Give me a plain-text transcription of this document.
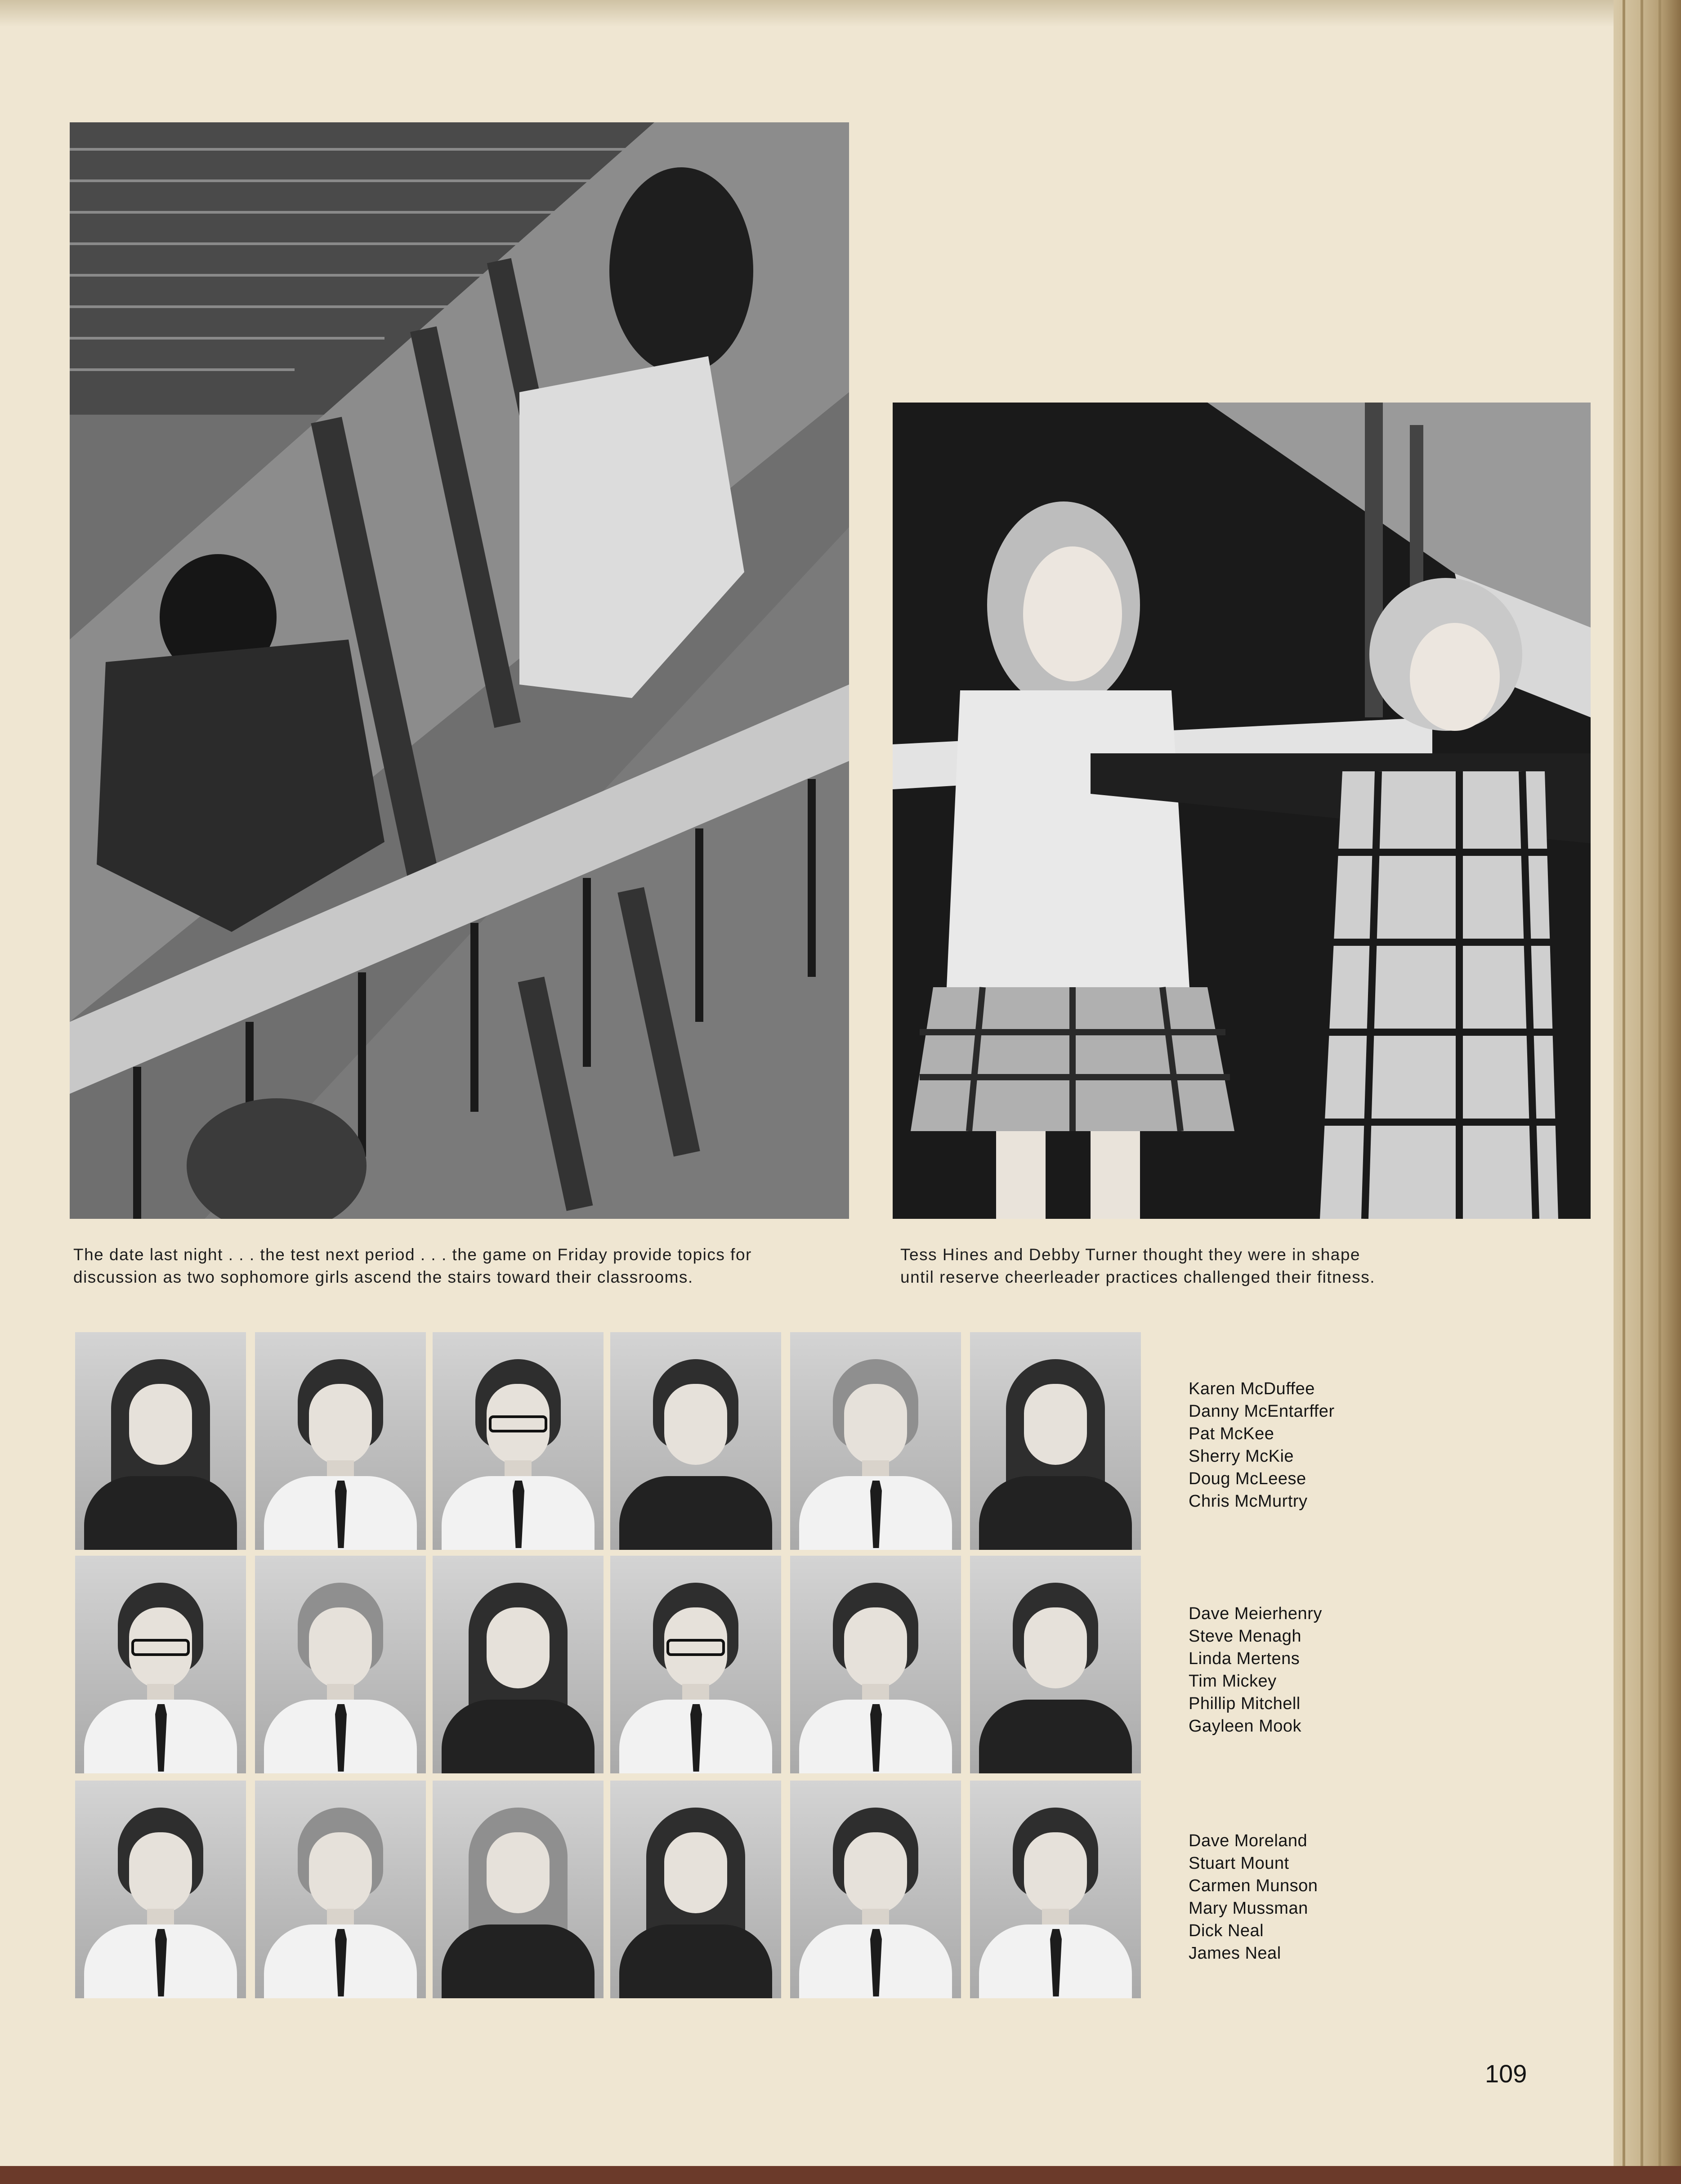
The date last night . . . the test next period . . . the game on Friday provide topics for
discussion as two sophomore girls ascend the stairs toward their classrooms.
Tess Hines and Debby Turner thought they were in shape
until reserve cheerleader practices challenged their fitness.
Karen McDuffee
Danny McEntarffer
Pat McKee
Sherry McKie
Doug McLeese
Chris McMurtry
Dave Meierhenry
Steve Menagh
Linda Mertens
Tim Mickey
Phillip Mitchell
Gayleen Mook
Dave Moreland
Stuart Mount
Carmen Munson
Mary Mussman
Dick Neal
James Neal
109
